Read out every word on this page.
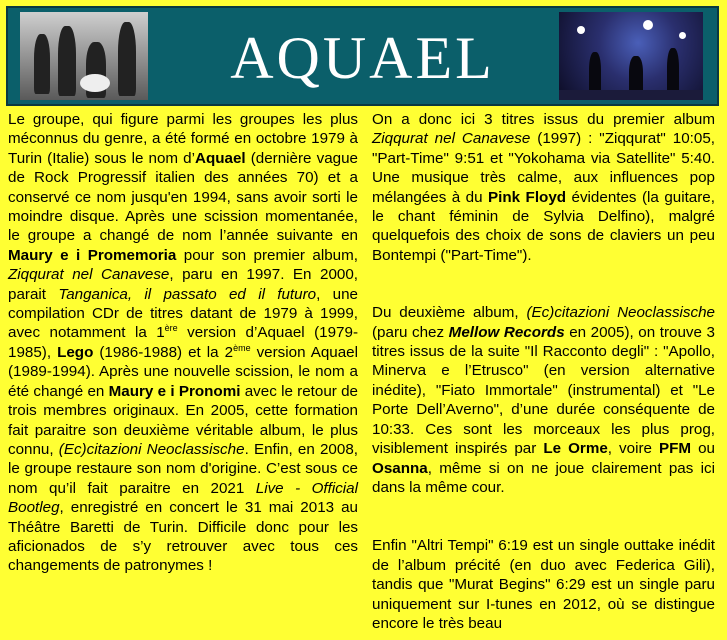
AQUAEL

Le groupe, qui figure parmi les groupes les plus méconnus du genre, a été formé en octobre 1979 à Turin (Italie) sous le nom d’Aquael (dernière vague de Rock Progressif italien des années 70) et a conservé ce nom jusqu'en 1994, sans avoir sorti le moindre disque. Après une scission momentanée, le groupe a changé de nom l’année suivante en Maury e i Promemoria pour son premier album, Ziqqurat nel Canavese, paru en 1997. En 2000, parait Tanganica, il passato ed il futuro, une compilation CDr de titres datant de 1979 à 1999, avec notamment la 1ère version d’Aquael (1979-1985), Lego (1986-1988) et la 2ème version Aquael (1989-1994). Après une nouvelle scission, le nom a été changé en Maury e i Pronomi avec le retour de trois membres originaux. En 2005, cette formation fait paraitre son deuxième véritable album, le plus connu, (Ec)citazioni Neoclassische. Enfin, en 2008, le groupe restaure son nom d'origine. C’est sous ce nom qu’il fait paraitre en 2021 Live - Official Bootleg, enregistré en concert le 31 mai 2013 au Théâtre Baretti de Turin. Difficile donc pour les aficionados de s’y retrouver avec tous ces changements de patronymes !

On a donc ici 3 titres issus du premier album Ziqqurat nel Canavese (1997) : "Ziqqurat" 10:05, "Part-Time" 9:51 et "Yokohama via Satellite" 5:40. Une musique très calme, aux influences pop mélangées à du Pink Floyd évidentes (la guitare, le chant féminin de Sylvia Delfino), malgré quelquefois des choix de sons de claviers un peu Bontempi ("Part-Time").

Du deuxième album, (Ec)citazioni Neoclassische (paru chez Mellow Records en 2005), on trouve 3 titres issus de la suite "Il Racconto degli" : "Apollo, Minerva e l’Etrusco" (en version alternative inédite), "Fiato Immortale" (instrumental) et "Le Porte Dell’Averno", d’une durée conséquente de 10:33. Ces sont les morceaux les plus prog, visiblement inspirés par Le Orme, voire PFM ou Osanna, même si on ne joue clairement pas ici dans la même cour.

Enfin "Altri Tempi" 6:19 est un single outtake inédit de l’album précité (en duo avec Federica Gili), tandis que "Murat Begins" 6:29 est un single paru uniquement sur I-tunes en 2012, où se distingue encore le très beau
